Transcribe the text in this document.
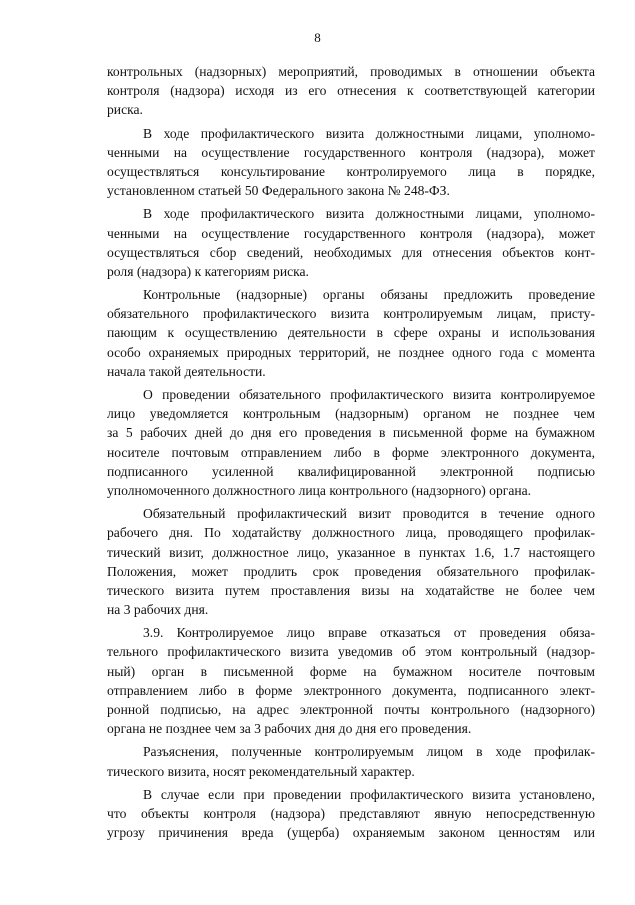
8
контрольных (надзорных) мероприятий, проводимых в отношении объекта
контроля (надзора) исходя из его отнесения к соответствующей категории
риска.
В ходе профилактического визита должностными лицами, уполномо-
ченными на осуществление государственного контроля (надзора), может
осуществляться консультирование контролируемого лица в порядке,
установленном статьей 50 Федерального закона № 248-ФЗ.
В ходе профилактического визита должностными лицами, уполномо-
ченными на осуществление государственного контроля (надзора), может
осуществляться сбор сведений, необходимых для отнесения объектов конт-
роля (надзора) к категориям риска.
Контрольные (надзорные) органы обязаны предложить проведение
обязательного профилактического визита контролируемым лицам, присту-
пающим к осуществлению деятельности в сфере охраны и использования
особо охраняемых природных территорий, не позднее одного года с момента
начала такой деятельности.
О проведении обязательного профилактического визита контролируемое
лицо уведомляется контрольным (надзорным) органом не позднее чем
за 5 рабочих дней до дня его проведения в письменной форме на бумажном
носителе почтовым отправлением либо в форме электронного документа,
подписанного усиленной квалифицированной электронной подписью
уполномоченного должностного лица контрольного (надзорного) органа.
Обязательный профилактический визит проводится в течение одного
рабочего дня. По ходатайству должностного лица, проводящего профилак-
тический визит, должностное лицо, указанное в пунктах 1.6, 1.7 настоящего
Положения, может продлить срок проведения обязательного профилак-
тического визита путем проставления визы на ходатайстве не более чем
на 3 рабочих дня.
3.9. Контролируемое лицо вправе отказаться от проведения обяза-
тельного профилактического визита уведомив об этом контрольный (надзор-
ный) орган в письменной форме на бумажном носителе почтовым
отправлением либо в форме электронного документа, подписанного элект-
ронной подписью, на адрес электронной почты контрольного (надзорного)
органа не позднее чем за 3 рабочих дня до дня его проведения.
Разъяснения, полученные контролируемым лицом в ходе профилак-
тического визита, носят рекомендательный характер.
В случае если при проведении профилактического визита установлено,
что объекты контроля (надзора) представляют явную непосредственную
угрозу причинения вреда (ущерба) охраняемым законом ценностям или
